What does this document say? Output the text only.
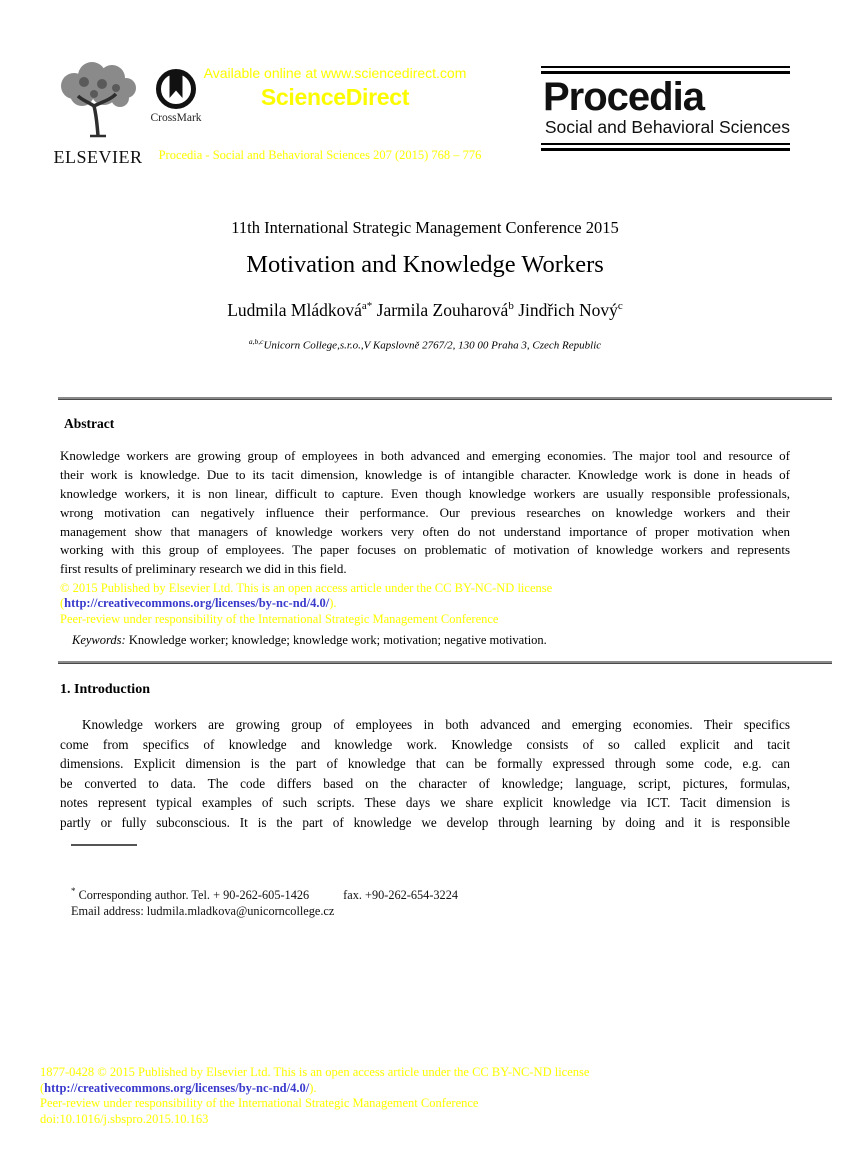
ELSEVIER
CrossMark
Available online at www.sciencedirect.com
ScienceDirect
Procedia - Social and Behavioral Sciences 207 (2015) 768 – 776
Procedia
Social and Behavioral Sciences
11th International Strategic Management Conference 2015
Motivation and Knowledge Workers
Ludmila Mládková$^{a*}$ Jarmila Zouharová$^b$ Jindřich Nový$^c$
$^{a,b,c}$Unicorn College,s.r.o.,V Kapslovně 2767/2, 130 00 Praha 3, Czech Republic
Abstract
Knowledge workers are growing group of employees in both advanced and emerging economies. The major tool and resource of
their work is knowledge. Due to its tacit dimension, knowledge is of intangible character. Knowledge work is done in heads of
knowledge workers, it is non linear, difficult to capture. Even though knowledge workers are usually responsible professionals,
wrong motivation can negatively influence their performance. Our previous researches on knowledge workers and their
management show that managers of knowledge workers very often do not understand importance of proper motivation when
working with this group of employees. The paper focuses on problematic of motivation of knowledge workers and represents
first results of preliminary research we did in this field.
© 2015 Published by Elsevier Ltd. This is an open access article under the CC BY-NC-ND license
(http://creativecommons.org/licenses/by-nc-nd/4.0/).
Peer-review under responsibility of the International Strategic Management Conference
Keywords: Knowledge worker; knowledge; knowledge work; motivation; negative motivation.
1. Introduction
Knowledge workers are growing group of employees in both advanced and emerging economies. Their specifics
come from specifics of knowledge and knowledge work. Knowledge consists of so called explicit and tacit
dimensions. Explicit dimension is the part of knowledge that can be formally expressed through some code, e.g. can
be converted to data. The code differs based on the character of knowledge; language, script, pictures, formulas,
notes represent typical examples of such scripts. These days we share explicit knowledge via ICT. Tacit dimension is
partly or fully subconscious. It is the part of knowledge we develop through learning by doing and it is responsible
* Corresponding author. Tel. + 90-262-605-1426	fax. +90-262-654-3224
Email address: ludmila.mladkova@unicorncollege.cz
1877-0428 © 2015 Published by Elsevier Ltd. This is an open access article under the CC BY-NC-ND license
(http://creativecommons.org/licenses/by-nc-nd/4.0/).
Peer-review under responsibility of the International Strategic Management Conference
doi:10.1016/j.sbspro.2015.10.163
